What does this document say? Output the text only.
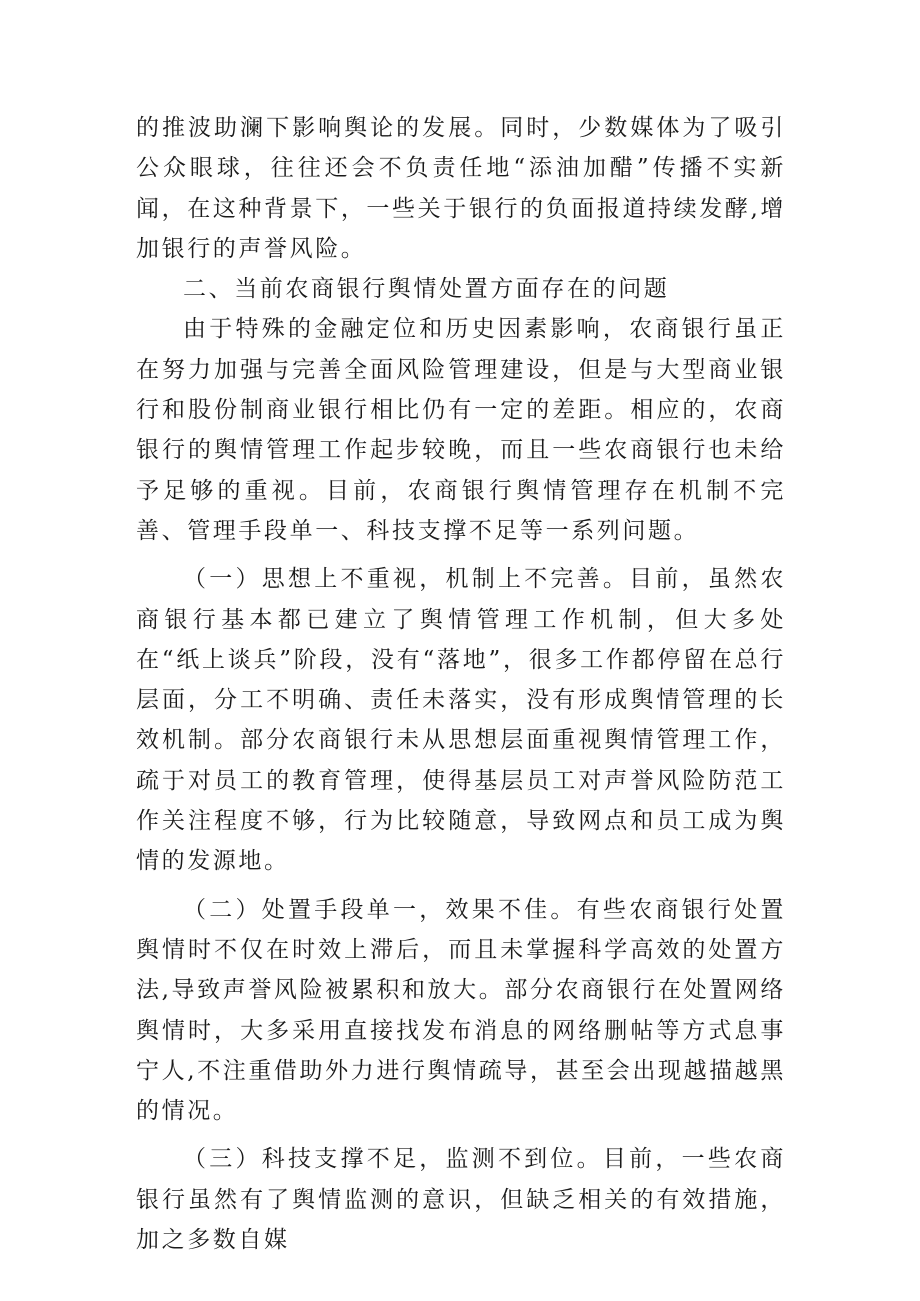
的推波助澜下影响舆论的发展。同时，少数媒体为了吸引公众眼球，往往还会不负责任地“添油加醋”传播不实新闻，在这种背景下，一些关于银行的负面报道持续发酵,增加银行的声誉风险。

二、当前农商银行舆情处置方面存在的问题

由于特殊的金融定位和历史因素影响，农商银行虽正在努力加强与完善全面风险管理建设，但是与大型商业银行和股份制商业银行相比仍有一定的差距。相应的，农商银行的舆情管理工作起步较晚，而且一些农商银行也未给予足够的重视。目前，农商银行舆情管理存在机制不完善、管理手段单一、科技支撑不足等一系列问题。

（一）思想上不重视，机制上不完善。目前，虽然农商银行基本都已建立了舆情管理工作机制，但大多处在“纸上谈兵”阶段，没有“落地”，很多工作都停留在总行层面，分工不明确、责任未落实，没有形成舆情管理的长效机制。部分农商银行未从思想层面重视舆情管理工作，疏于对员工的教育管理，使得基层员工对声誉风险防范工作关注程度不够，行为比较随意，导致网点和员工成为舆情的发源地。

（二）处置手段单一，效果不佳。有些农商银行处置舆情时不仅在时效上滞后，而且未掌握科学高效的处置方法,导致声誉风险被累积和放大。部分农商银行在处置网络舆情时，大多采用直接找发布消息的网络删帖等方式息事宁人,不注重借助外力进行舆情疏导，甚至会出现越描越黑的情况。

（三）科技支撑不足，监测不到位。目前，一些农商银行虽然有了舆情监测的意识，但缺乏相关的有效措施，加之多数自媒
